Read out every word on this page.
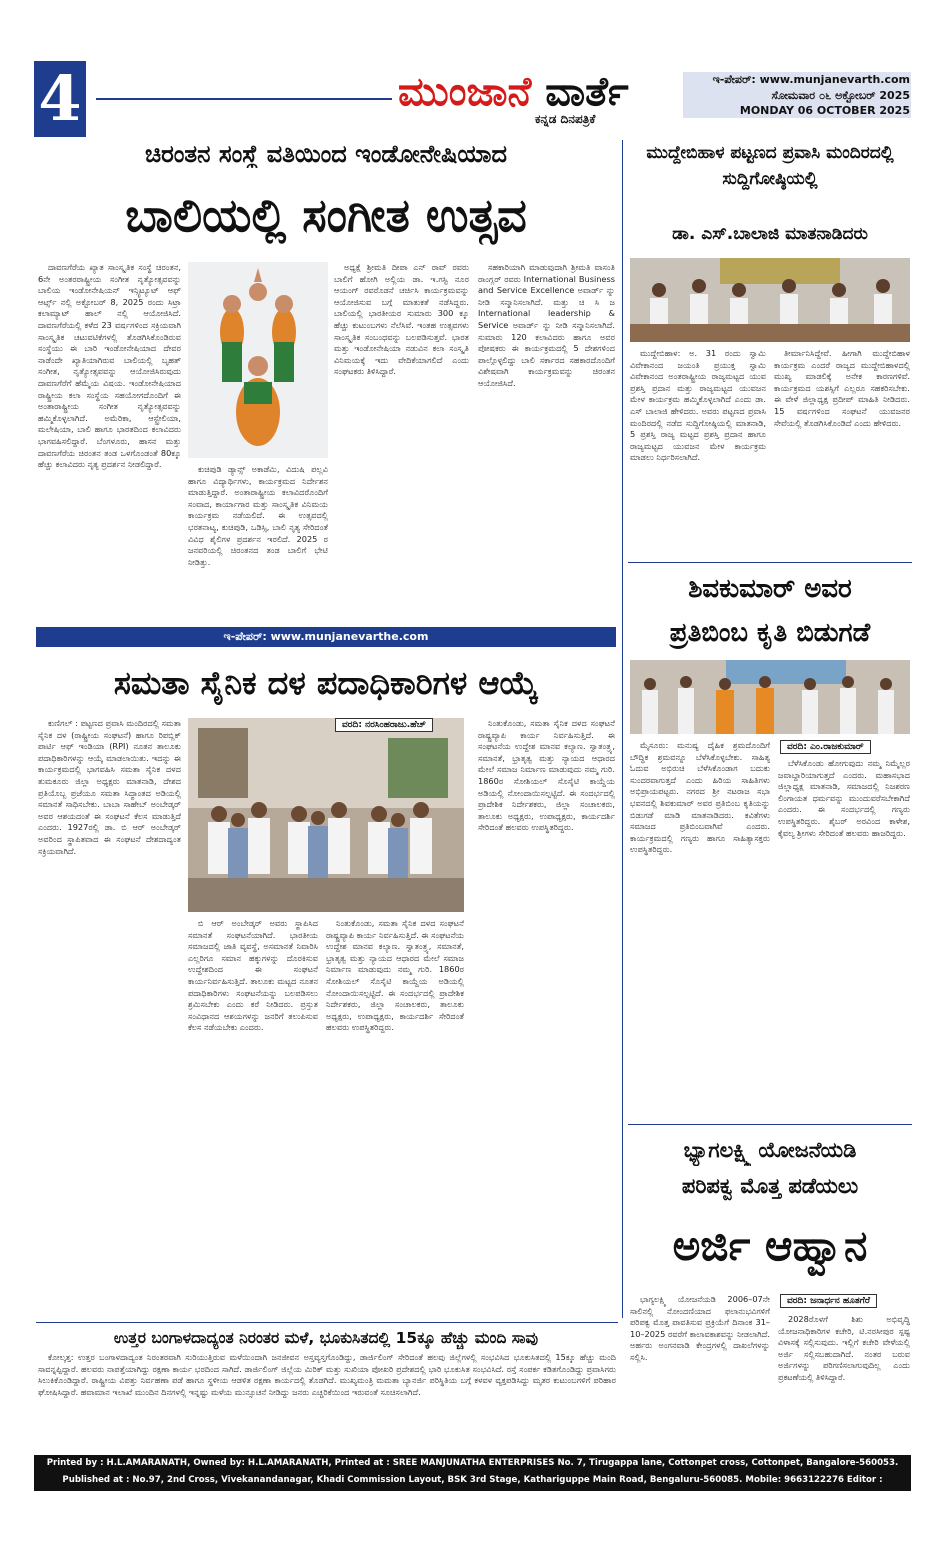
4	ಮುಂಜಾನೆ ವಾರ್ತೆ
ಕನ್ನಡ ದಿನಪತ್ರಿಕೆ
ಇ-ಪೇಪರ್: www.munjanevarth.com
ಸೋಮವಾರ ೦೬ ಅಕ್ಟೋಬರ್ 2025
MONDAY 06 OCTOBER 2025
ಚಿರಂತನ ಸಂಸ್ಥೆ ವತಿಯಿಂದ ಇಂಡೋನೇಷಿಯಾದ
ಬಾಲಿಯಲ್ಲಿ ಸಂಗೀತ ಉತ್ಸವ

ದಾವಣಗೆರೆಯ ಖ್ಯಾತ ಸಾಂಸ್ಕೃತಿಕ ಸಂಸ್ಥೆ ಚಿರಂತನ, 6ನೇ ಅಂತರರಾಷ್ಟ್ರೀಯ ಸಂಗೀತ ನೃತ್ಯೋತ್ಸವವನ್ನು ಬಾಲಿಯ ಇಂಡೋನೇಷಿಯನ್ ಇನ್ಸ್ಟಿಟ್ಯೂಟ್ ಆಫ್ ಆರ್ಟ್ಸ್ ನಲ್ಲಿ ಅಕ್ಟೋಬರ್ 8, 2025 ರಂದು ಸಿಟ್ರಾ ಕಲಾಮ್ಯಾಟ್ ಹಾಲ್ ನಲ್ಲಿ ಆಯೋಜಿಸಿದೆ. ದಾವಣಗೆರೆಯಲ್ಲಿ ಕಳೆದ 23 ವರ್ಷಗಳಿಂದ ಸಕ್ರಿಯವಾಗಿ ಸಾಂಸ್ಕೃತಿಕ ಚಟುವಟಿಕೆಗಳಲ್ಲಿ ತೊಡಗಿಸಿಕೊಂಡಿರುವ ಸಂಸ್ಥೆಯು ಈ ಬಾರಿ ಇಂಡೋನೇಷಿಯಾದ ದೇವರ ನಾಡೆಂದೇ ಖ್ಯಾತಿಯಾಗಿರುವ ಬಾಲಿಯಲ್ಲಿ ಬೃಹತ್ ಸಂಗೀತ, ನೃತ್ಯೋತ್ಸವವನ್ನು ಆಯೋಜಿಸಿರುವುದು ದಾವಣಗೆರೆಗೆ ಹೆಮ್ಮೆಯ ವಿಷಯ. ಇಂಡೋನೇಷಿಯಾದ ರಾಷ್ಟ್ರೀಯ ಕಲಾ ಸಂಸ್ಥೆಯ ಸಹಯೋಗದೊಂದಿಗೆ ಈ ಅಂತಾರಾಷ್ಟ್ರೀಯ ಸಂಗೀತ ನೃತ್ಯೋತ್ಸವವನ್ನು ಹಮ್ಮಿಕೊಳ್ಳಲಾಗಿದೆ. ಅಮೆರಿಕಾ, ಆಸ್ಟ್ರೇಲಿಯಾ, ಮಲೇಷಿಯಾ, ಬಾಲಿ ಹಾಗೂ ಭಾರತದಿಂದ ಕಲಾವಿದರು ಭಾಗವಹಿಸಲಿದ್ದಾರೆ. ಬೆಂಗಳೂರು, ಹಾಸನ ಮತ್ತು ದಾವಣಗೆರೆಯ ಚಿರಂತನ ತಂಡ ಒಳಗೊಂಡಂತೆ 80ಕ್ಕೂ ಹೆಚ್ಚು ಕಲಾವಿದರು ನೃತ್ಯ ಪ್ರದರ್ಶನ ನೀಡಲಿದ್ದಾರೆ.	ಕುಚಿಪುಡಿ ಡ್ಯಾನ್ಸ್ ಅಕಾಡೆಮಿ, ವಿದುಷಿ ಪಲ್ಲವಿ ಹಾಗೂ ವಿದ್ಯಾರ್ಥಿಗಳು, ಕಾರ್ಯಕ್ರಮದ ನಿರ್ದೇಶನ ಮಾಡುತ್ತಿದ್ದಾರೆ. ಅಂತಾರಾಷ್ಟ್ರೀಯ ಕಲಾವಿದರೊಂದಿಗೆ ಸಂವಾದ, ಕಾರ್ಯಾಗಾರ ಮತ್ತು ಸಾಂಸ್ಕೃತಿಕ ವಿನಿಮಯ ಕಾರ್ಯಕ್ರಮ ನಡೆಯಲಿದೆ. ಈ ಉತ್ಸವದಲ್ಲಿ ಭರತನಾಟ್ಯ, ಕುಚಿಪುಡಿ, ಒಡಿಸ್ಸಿ, ಬಾಲಿ ನೃತ್ಯ ಸೇರಿದಂತೆ ವಿವಿಧ ಶೈಲಿಗಳ ಪ್ರದರ್ಶನ ಇರಲಿದೆ. 2025 ರ ಜನವರಿಯಲ್ಲಿ ಚಿರಂತನದ ತಂಡ ಬಾಲಿಗೆ ಭೇಟಿ ನೀಡಿತ್ತು.

ಅಧ್ಯಕ್ಷೆ ಶ್ರೀಮತಿ ದೀಪಾ ಎನ್ ರಾವ್ ರವರು ಬಾಲಿಗೆ ಹೋಗಿ ಅಲ್ಲಿಯ ಡಾ. ಇ.ಗಸ್ಟಿ ನೂರ ಆಯಂಗ್ ರವರೊಡನೆ ಚರ್ಚಿಸಿ ಕಾರ್ಯಕ್ರಮವನ್ನು ಆಯೋಜಿಸುವ ಬಗ್ಗೆ ಮಾತುಕತೆ ನಡೆಸಿದ್ದರು. ಬಾಲಿಯಲ್ಲಿ ಭಾರತೀಯರ ಸುಮಾರು 300 ಕ್ಕೂ ಹೆಚ್ಚು ಕುಟುಂಬಗಳು ನೆಲೆಸಿವೆ. ಇಂತಹ ಉತ್ಸವಗಳು ಸಾಂಸ್ಕೃತಿಕ ಸಂಬಂಧವನ್ನು ಬಲಪಡಿಸುತ್ತವೆ. ಭಾರತ ಮತ್ತು ಇಂಡೋನೇಷಿಯಾ ನಡುವಿನ ಕಲಾ ಸಂಸ್ಕೃತಿ ವಿನಿಮಯಕ್ಕೆ ಇದು ವೇದಿಕೆಯಾಗಲಿದೆ ಎಂದು ಸಂಘಟಕರು ತಿಳಿಸಿದ್ದಾರೆ.

ಸಹಕಾರಿಯಾಗಿ ಮಾಡುವುದಾಗಿ ಶ್ರೀಮತಿ ವಾಸಂತಿ ರಾಂಗ್ಲರ್ ರವರು International Business and Service Excellence ಅವಾರ್ಡ್ ನ್ನು ನೀಡಿ ಸನ್ಮಾನಿಸಲಾಗಿದೆ. ಮತ್ತು ಚಿ ಸಿ ಜ International leadership & Service ಅವಾರ್ಡ್ ನ್ನು ನೀಡಿ ಸನ್ಮಾನಿಸಲಾಗಿದೆ. ಸುಮಾರು 120 ಕಲಾವಿದರು ಹಾಗೂ ಅವರ ಪೋಷಕರು ಈ ಕಾರ್ಯಕ್ರಮದಲ್ಲಿ 5 ದೇಶಗಳಿಂದ ಪಾಲ್ಗೊಳ್ಳಲಿದ್ದು ಬಾಲಿ ಸರ್ಕಾರದ ಸಹಕಾರದೊಂದಿಗೆ ವಿಶೇಷವಾಗಿ ಕಾರ್ಯಕ್ರಮವನ್ನು ಚಿರಂತನ ಆಯೋಜಿಸಿದೆ.

ಇ-ಪೇಪರ್: www.munjanevarthe.com
ಸಮತಾ ಸೈನಿಕ ದಳ ಪದಾಧಿಕಾರಿಗಳ ಆಯ್ಕೆ

ಕುಣಿಗಲ್ : ಪಟ್ಟಣದ ಪ್ರವಾಸಿ ಮಂದಿರದಲ್ಲಿ ಸಮತಾ ಸೈನಿಕ ದಳ (ರಾಷ್ಟ್ರೀಯ ಸಂಘಟನೆ) ಹಾಗೂ ರಿಪಬ್ಲಿಕ್ ಪಾರ್ಟಿ ಆಫ್ ಇಂಡಿಯಾ (RPI) ನೂತನ ತಾಲೂಕು ಪದಾಧಿಕಾರಿಗಳನ್ನು ಆಯ್ಕೆ ಮಾಡಲಾಯಿತು. ಇದನ್ನು ಈ ಕಾರ್ಯಕ್ರಮದಲ್ಲಿ ಭಾಗವಹಿಸಿ ಸಮತಾ ಸೈನಿಕ ದಳದ ತುಮಕೂರು ಜಿಲ್ಲಾ ಅಧ್ಯಕ್ಷರು ಮಾತನಾಡಿ, ದೇಶದ ಪ್ರತಿಯೊಬ್ಬ ಪ್ರಜೆಯೂ ಸಮತಾ ಸಿದ್ಧಾಂತದ ಅಡಿಯಲ್ಲಿ ಸಮಾನತೆ ಸಾಧಿಸಬೇಕು. ಬಾಬಾ ಸಾಹೇಬ್ ಅಂಬೇಡ್ಕರ್ ಅವರ ಆಶಯದಂತೆ ಈ ಸಂಘಟನೆ ಕೆಲಸ ಮಾಡುತ್ತಿದೆ ಎಂದರು. 1927ರಲ್ಲಿ ಡಾ. ಬಿ ಆರ್ ಅಂಬೇಡ್ಕರ್ ಅವರಿಂದ ಸ್ಥಾಪಿತವಾದ ಈ ಸಂಘಟನೆ ದೇಶದಾದ್ಯಂತ ಸಕ್ರಿಯವಾಗಿದೆ.

ವರದಿ: ನರಸಿಂಹರಾಜು.ಹೆಚ್

ಬಿ ಆರ್ ಅಂಬೇಡ್ಕರ್ ಅವರು ಸ್ಥಾಪಿಸಿದ ಸಮಾನತೆ ಸಂಘಟನೆಯಾಗಿದೆ. ಭಾರತೀಯ ಸಮಾಜದಲ್ಲಿ ಜಾತಿ ವ್ಯವಸ್ಥೆ, ಅಸಮಾನತೆ ನಿವಾರಿಸಿ ಎಲ್ಲರಿಗೂ ಸಮಾನ ಹಕ್ಕುಗಳನ್ನು ದೊರಕಿಸುವ ಉದ್ದೇಶದಿಂದ ಈ ಸಂಘಟನೆ ಕಾರ್ಯನಿರ್ವಹಿಸುತ್ತಿದೆ. ತಾಲೂಕು ಮಟ್ಟದ ನೂತನ ಪದಾಧಿಕಾರಿಗಳು ಸಂಘಟನೆಯನ್ನು ಬಲಪಡಿಸಲು ಶ್ರಮಿಸಬೇಕು ಎಂದು ಕರೆ ನೀಡಿದರು. ಪ್ರಸ್ತುತ ಸಂವಿಧಾನದ ಆಶಯಗಳನ್ನು ಜನರಿಗೆ ತಲುಪಿಸುವ ಕೆಲಸ ನಡೆಯಬೇಕು ಎಂದರು.

ನಿಂತುಕೊಂಡು, ಸಮತಾ ಸೈನಿಕ ದಳದ ಸಂಘಟನೆ ರಾಷ್ಟ್ರವ್ಯಾಪಿ ಕಾರ್ಯ ನಿರ್ವಹಿಸುತ್ತಿದೆ. ಈ ಸಂಘಟನೆಯ ಉದ್ದೇಶ ಮಾನವ ಕಲ್ಯಾಣ. ಸ್ವಾತಂತ್ರ್ಯ, ಸಮಾನತೆ, ಭ್ರಾತೃತ್ವ ಮತ್ತು ನ್ಯಾಯದ ಆಧಾರದ ಮೇಲೆ ಸಮಾಜ ನಿರ್ಮಾಣ ಮಾಡುವುದು ನಮ್ಮ ಗುರಿ. 1860ರ ಸೋಶಿಯಲ್ ಸೊಸೈಟಿ ಕಾಯ್ದೆಯ ಅಡಿಯಲ್ಲಿ ನೋಂದಾಯಿಸಲ್ಪಟ್ಟಿದೆ. ಈ ಸಂದರ್ಭದಲ್ಲಿ ಪ್ರಾದೇಶಿಕ ನಿರ್ದೇಶಕರು, ಜಿಲ್ಲಾ ಸಂಚಾಲಕರು, ತಾಲೂಕು ಅಧ್ಯಕ್ಷರು, ಉಪಾಧ್ಯಕ್ಷರು, ಕಾರ್ಯದರ್ಶಿ ಸೇರಿದಂತೆ ಹಲವರು ಉಪಸ್ಥಿತರಿದ್ದರು.

ನಿಂತುಕೊಂಡು, ಸಮತಾ ಸೈನಿಕ ದಳದ ಸಂಘಟನೆ ರಾಷ್ಟ್ರವ್ಯಾಪಿ ಕಾರ್ಯ ನಿರ್ವಹಿಸುತ್ತಿದೆ. ಈ ಸಂಘಟನೆಯ ಉದ್ದೇಶ ಮಾನವ ಕಲ್ಯಾಣ. ಸ್ವಾತಂತ್ರ್ಯ, ಸಮಾನತೆ, ಭ್ರಾತೃತ್ವ ಮತ್ತು ನ್ಯಾಯದ ಆಧಾರದ ಮೇಲೆ ಸಮಾಜ ನಿರ್ಮಾಣ ಮಾಡುವುದು ನಮ್ಮ ಗುರಿ. 1860ರ ಸೋಶಿಯಲ್ ಸೊಸೈಟಿ ಕಾಯ್ದೆಯ ಅಡಿಯಲ್ಲಿ ನೋಂದಾಯಿಸಲ್ಪಟ್ಟಿದೆ. ಈ ಸಂದರ್ಭದಲ್ಲಿ ಪ್ರಾದೇಶಿಕ ನಿರ್ದೇಶಕರು, ಜಿಲ್ಲಾ ಸಂಚಾಲಕರು, ತಾಲೂಕು ಅಧ್ಯಕ್ಷರು, ಉಪಾಧ್ಯಕ್ಷರು, ಕಾರ್ಯದರ್ಶಿ ಸೇರಿದಂತೆ ಹಲವರು ಉಪಸ್ಥಿತರಿದ್ದರು.

ಮುದ್ದೇಬಿಹಾಳ ಪಟ್ಟಣದ ಪ್ರವಾಸಿ ಮಂದಿರದಲ್ಲಿ ಸುದ್ದಿಗೋಷ್ಠಿಯಲ್ಲಿ
ಡಾ. ಎಸ್.ಬಾಲಾಜಿ ಮಾತನಾಡಿದರು

ಮುದ್ದೇಬಿಹಾಳ: ಅ. 31 ರಂದು ಸ್ವಾಮಿ ವಿವೇಕಾನಂದ ಜಯಂತಿ ಪ್ರಯುಕ್ತ ಸ್ವಾಮಿ ವಿವೇಕಾನಂದ ಅಂತರಾಷ್ಟ್ರೀಯ ರಾಜ್ಯಮಟ್ಟದ ಯುವ ಪ್ರಶಸ್ತಿ ಪ್ರದಾನ ಮತ್ತು ರಾಜ್ಯಮಟ್ಟದ ಯುವಜನ ಮೇಳ ಕಾರ್ಯಕ್ರಮ ಹಮ್ಮಿಕೊಳ್ಳಲಾಗಿದೆ ಎಂದು ಡಾ. ಎಸ್ ಬಾಲಾಜಿ ಹೇಳಿದರು. ಅವರು ಪಟ್ಟಣದ ಪ್ರವಾಸಿ ಮಂದಿರದಲ್ಲಿ ನಡೆದ ಸುದ್ದಿಗೋಷ್ಠಿಯಲ್ಲಿ ಮಾತನಾಡಿ, 5 ಪ್ರಶಸ್ತಿ ರಾಜ್ಯ ಮಟ್ಟದ ಪ್ರಶಸ್ತಿ ಪ್ರದಾನ ಹಾಗೂ ರಾಜ್ಯಮಟ್ಟದ ಯುವಜನ ಮೇಳ ಕಾರ್ಯಕ್ರಮ ಮಾಡಲು ನಿರ್ಧರಿಸಲಾಗಿದೆ.

ತೀರ್ಮಾನಿಸಿದ್ದೇವೆ. ಹೀಗಾಗಿ ಮುದ್ದೇಬಿಹಾಳ ಕಾರ್ಯಕ್ರಮ ಎಂದರೆ ರಾಜ್ಯದ ಮುದ್ದೇಬಿಹಾಳದಲ್ಲಿ ಮುಖ್ಯ ಮಾಡಲಿಕ್ಕೆ ಅನೇಕ ಕಾರಣಗಳಿವೆ. ಕಾರ್ಯಕ್ರಮದ ಯಶಸ್ಸಿಗೆ ಎಲ್ಲರೂ ಸಹಕರಿಸಬೇಕು. ಈ ವೇಳೆ ಜಿಲ್ಲಾಧ್ಯಕ್ಷ ಪ್ರದೀಪ್ ಮಾಹಿತಿ ನೀಡಿದರು. 15 ವರ್ಷಗಳಿಂದ ಸಂಘಟನೆ ಯುವಜನರ ಸೇವೆಯಲ್ಲಿ ತೊಡಗಿಸಿಕೊಂಡಿದೆ ಎಂದು ಹೇಳಿದರು.

ಶಿವಕುಮಾರ್ ಅವರ
ಪ್ರತಿಬಿಂಬ ಕೃತಿ ಬಿಡುಗಡೆ
ವರದಿ: ಎಂ.ರಾಜಕುಮಾರ್

ಮೈಸೂರು: ಮನುಷ್ಯ ದೈಹಿಕ ಶ್ರಮದೊಂದಿಗೆ ಬೌದ್ಧಿಕ ಶ್ರಮವನ್ನೂ ಬೆಳೆಸಿಕೊಳ್ಳಬೇಕು. ಸಾಹಿತ್ಯ ಓದುವ ಅಭಿರುಚಿ ಬೆಳೆಸಿಕೊಂಡಾಗ ಬದುಕು ಸುಂದರವಾಗುತ್ತದೆ ಎಂದು ಹಿರಿಯ ಸಾಹಿತಿಗಳು ಅಭಿಪ್ರಾಯಪಟ್ಟರು. ನಗರದ ಶ್ರೀ ನಟರಾಜ ಸಭಾ ಭವನದಲ್ಲಿ ಶಿವಕುಮಾರ್ ಅವರ ಪ್ರತಿಬಿಂಬ ಕೃತಿಯನ್ನು ಬಿಡುಗಡೆ ಮಾಡಿ ಮಾತನಾಡಿದರು. ಕವಿತೆಗಳು ಸಮಾಜದ ಪ್ರತಿಬಿಂಬವಾಗಿವೆ ಎಂದರು. ಕಾರ್ಯಕ್ರಮದಲ್ಲಿ ಗಣ್ಯರು ಹಾಗೂ ಸಾಹಿತ್ಯಾಸಕ್ತರು ಉಪಸ್ಥಿತರಿದ್ದರು.

ಬೆಳೆಸಿಕೊಂಡು ಹೋಗುವುದು ನಮ್ಮ ನಿಮ್ಮೆಲ್ಲರ ಜವಾಬ್ದಾರಿಯಾಗುತ್ತದೆ ಎಂದರು. ಮಹಾಸಭಾದ ಜಿಲ್ಲಾಧ್ಯಕ್ಷ ಮಾತನಾಡಿ, ಸಮಾಜದಲ್ಲಿ ನಿಜಶರಣ ಲಿಂಗಾಯತ ಧರ್ಮವನ್ನು ಮುಂದುವರೆಸಬೇಕಾಗಿದೆ ಎಂದರು. ಈ ಸಂದರ್ಭದಲ್ಲಿ ಗಣ್ಯರು ಉಪಸ್ಥಿತರಿದ್ದರು. ಶೈಬರ್ ಅರವಿಂದ ಕಾಳೇಶ, ಕೈವಲ್ಯ ಶ್ರೀಗಳು ಸೇರಿದಂತೆ ಹಲವರು ಹಾಜರಿದ್ದರು.

ಭ್ಯಾಗಲಕ್ಷ್ಮಿ ಯೋಜನೆಯಡಿ
ಪರಿಪಕ್ವ ಮೊತ್ತ ಪಡೆಯಲು
ಅರ್ಜಿ ಆಹ್ವಾನ

ಭಾಗ್ಯಲಕ್ಷ್ಮಿ ಯೋಜನೆಯಡಿ 2006–07ನೇ ಸಾಲಿನಲ್ಲಿ ನೋಂದಣಿಯಾದ ಫಲಾನುಭವಿಗಳಿಗೆ ಪರಿಪಕ್ವ ಮೊತ್ತ ಪಾವತಿಸುವ ಪ್ರಕ್ರಿಯೆಗೆ ದಿನಾಂಕ 31–10–2025 ರವರೆಗೆ ಕಾಲಾವಕಾಶವನ್ನು ನೀಡಲಾಗಿದೆ. ಅರ್ಹರು ಅಂಗನವಾಡಿ ಕೇಂದ್ರಗಳಲ್ಲಿ ದಾಖಲೆಗಳನ್ನು ಸಲ್ಲಿಸಿ.

ವರದಿ: ಜನಾರ್ಧನ ಹೂತಗೆರೆ

2028ರೊಳಗೆ ಶಿಶು ಅಭಿವೃದ್ಧಿ ಯೋಜನಾಧಿಕಾರಿಗಳ ಕಚೇರಿ, ಟಿ.ನರಸೀಪುರ ಸ್ಪಷ್ಟ ವಿಳಾಸಕ್ಕೆ ಸಲ್ಲಿಸುವುದು. ಇಲ್ಲಿಗೆ ಕಚೇರಿ ವೇಳೆಯಲ್ಲಿ ಅರ್ಜಿ ಸಲ್ಲಿಸಬಹುದಾಗಿದೆ. ನಂತರ ಬರುವ ಅರ್ಜಿಗಳನ್ನು ಪರಿಗಣಿಸಲಾಗುವುದಿಲ್ಲ ಎಂದು ಪ್ರಕಟಣೆಯಲ್ಲಿ ತಿಳಿಸಿದ್ದಾರೆ.

ಉತ್ತರ ಬಂಗಾಳದಾದ್ಯಂತ ನಿರಂತರ ಮಳೆ, ಭೂಕುಸಿತದಲ್ಲಿ 15ಕ್ಕೂ ಹೆಚ್ಚು ಮಂದಿ ಸಾವು

ಕೋಲ್ಕತ್ತ: ಉತ್ತರ ಬಂಗಾಳದಾದ್ಯಂತ ನಿರಂತರವಾಗಿ ಸುರಿಯುತ್ತಿರುವ ಮಳೆಯಿಂದಾಗಿ ಜನಜೀವನ ಅಸ್ತವ್ಯಸ್ತಗೊಂಡಿದ್ದು, ಡಾರ್ಜಿಲಿಂಗ್ ಸೇರಿದಂತೆ ಹಲವು ಜಿಲ್ಲೆಗಳಲ್ಲಿ ಸಂಭವಿಸಿದ ಭೂಕುಸಿತದಲ್ಲಿ 15ಕ್ಕೂ ಹೆಚ್ಚು ಮಂದಿ ಸಾವನ್ನಪ್ಪಿದ್ದಾರೆ. ಹಲವರು ನಾಪತ್ತೆಯಾಗಿದ್ದು ರಕ್ಷಣಾ ಕಾರ್ಯ ಭರದಿಂದ ಸಾಗಿದೆ. ಡಾರ್ಜಿಲಿಂಗ್ ಜಿಲ್ಲೆಯ ಮಿರಿಕ್ ಮತ್ತು ಸುಖಿಯಾ ಪೋಖರಿ ಪ್ರದೇಶದಲ್ಲಿ ಭಾರಿ ಭೂಕುಸಿತ ಸಂಭವಿಸಿದೆ. ರಸ್ತೆ ಸಂಪರ್ಕ ಕಡಿತಗೊಂಡಿದ್ದು ಪ್ರವಾಸಿಗರು ಸಿಲುಕಿಕೊಂಡಿದ್ದಾರೆ. ರಾಷ್ಟ್ರೀಯ ವಿಪತ್ತು ನಿರ್ವಹಣಾ ಪಡೆ ಹಾಗೂ ಸ್ಥಳೀಯ ಆಡಳಿತ ರಕ್ಷಣಾ ಕಾರ್ಯದಲ್ಲಿ ತೊಡಗಿದೆ. ಮುಖ್ಯಮಂತ್ರಿ ಮಮತಾ ಬ್ಯಾನರ್ಜಿ ಪರಿಸ್ಥಿತಿಯ ಬಗ್ಗೆ ಕಳವಳ ವ್ಯಕ್ತಪಡಿಸಿದ್ದು ಮೃತರ ಕುಟುಂಬಗಳಿಗೆ ಪರಿಹಾರ ಘೋಷಿಸಿದ್ದಾರೆ. ಹವಾಮಾನ ಇಲಾಖೆ ಮುಂದಿನ ದಿನಗಳಲ್ಲಿ ಇನ್ನಷ್ಟು ಮಳೆಯ ಮುನ್ಸೂಚನೆ ನೀಡಿದ್ದು ಜನರು ಎಚ್ಚರಿಕೆಯಿಂದ ಇರುವಂತೆ ಸೂಚಿಸಲಾಗಿದೆ.

Printed by : H.L.AMARANATH, Owned by: H.L.AMARANATH, Printed at : SREE MANJUNATHA ENTERPRISES No. 7, Tirugappa lane, Cottonpet cross, Cottonpet, Bangalore-560053.
Published at : No.97, 2nd Cross, Vivekanandanagar, Khadi Commission Layout, BSK 3rd Stage, Kathariguppe Main Road, Bengaluru-560085. Mobile: 9663122276 Editor : H.L.AMARANATH
